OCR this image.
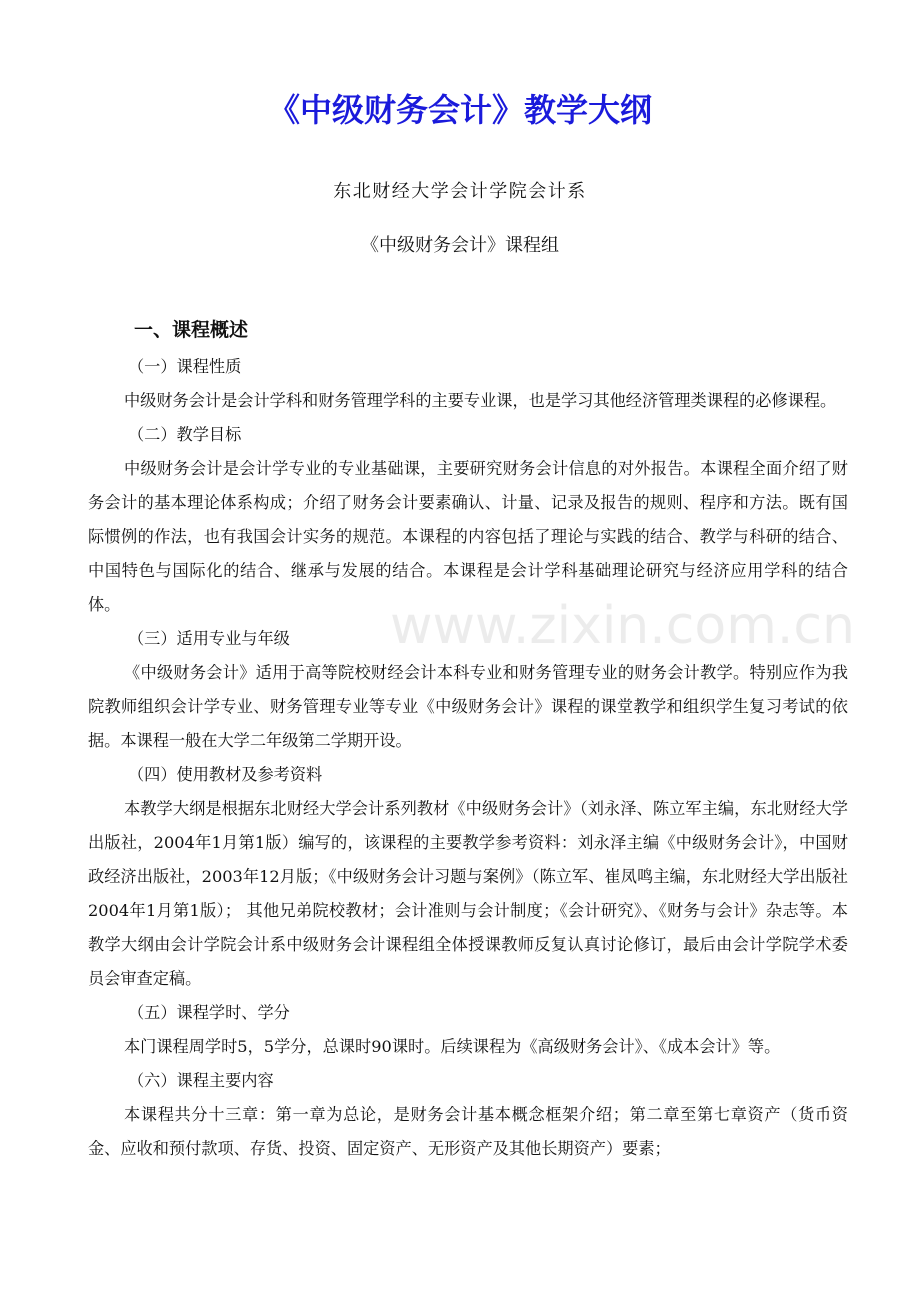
《中级财务会计》教学大纲

东北财经大学会计学院会计系

《中级财务会计》课程组

一、课程概述

（一）课程性质

中级财务会计是会计学科和财务管理学科的主要专业课，也是学习其他经济管理类课程的必修课程。

（二）教学目标

中级财务会计是会计学专业的专业基础课，主要研究财务会计信息的对外报告。本课程全面介绍了财务会计的基本理论体系构成；介绍了财务会计要素确认、计量、记录及报告的规则、程序和方法。既有国际惯例的作法，也有我国会计实务的规范。本课程的内容包括了理论与实践的结合、教学与科研的结合、中国特色与国际化的结合、继承与发展的结合。本课程是会计学科基础理论研究与经济应用学科的结合体。

（三）适用专业与年级

《中级财务会计》适用于高等院校财经会计本科专业和财务管理专业的财务会计教学。特别应作为我院教师组织会计学专业、财务管理专业等专业《中级财务会计》课程的课堂教学和组织学生复习考试的依据。本课程一般在大学二年级第二学期开设。

（四）使用教材及参考资料

本教学大纲是根据东北财经大学会计系列教材《中级财务会计》（刘永泽、陈立军主编，东北财经大学出版社，2004年1月第1版）编写的，该课程的主要教学参考资料：刘永泽主编《中级财务会计》，中国财政经济出版社，2003年12月版；《中级财务会计习题与案例》（陈立军、崔凤鸣主编，东北财经大学出版社2004年1月第1版）； 其他兄弟院校教材；会计准则与会计制度；《会计研究》、《财务与会计》杂志等。本教学大纲由会计学院会计系中级财务会计课程组全体授课教师反复认真讨论修订，最后由会计学院学术委员会审查定稿。

（五）课程学时、学分

本门课程周学时5，5学分，总课时90课时。后续课程为《高级财务会计》、《成本会计》等。

（六）课程主要内容

本课程共分十三章：第一章为总论，是财务会计基本概念框架介绍；第二章至第七章资产（货币资金、应收和预付款项、存货、投资、固定资产、无形资产及其他长期资产）要素；

www.zixin.com.cn
